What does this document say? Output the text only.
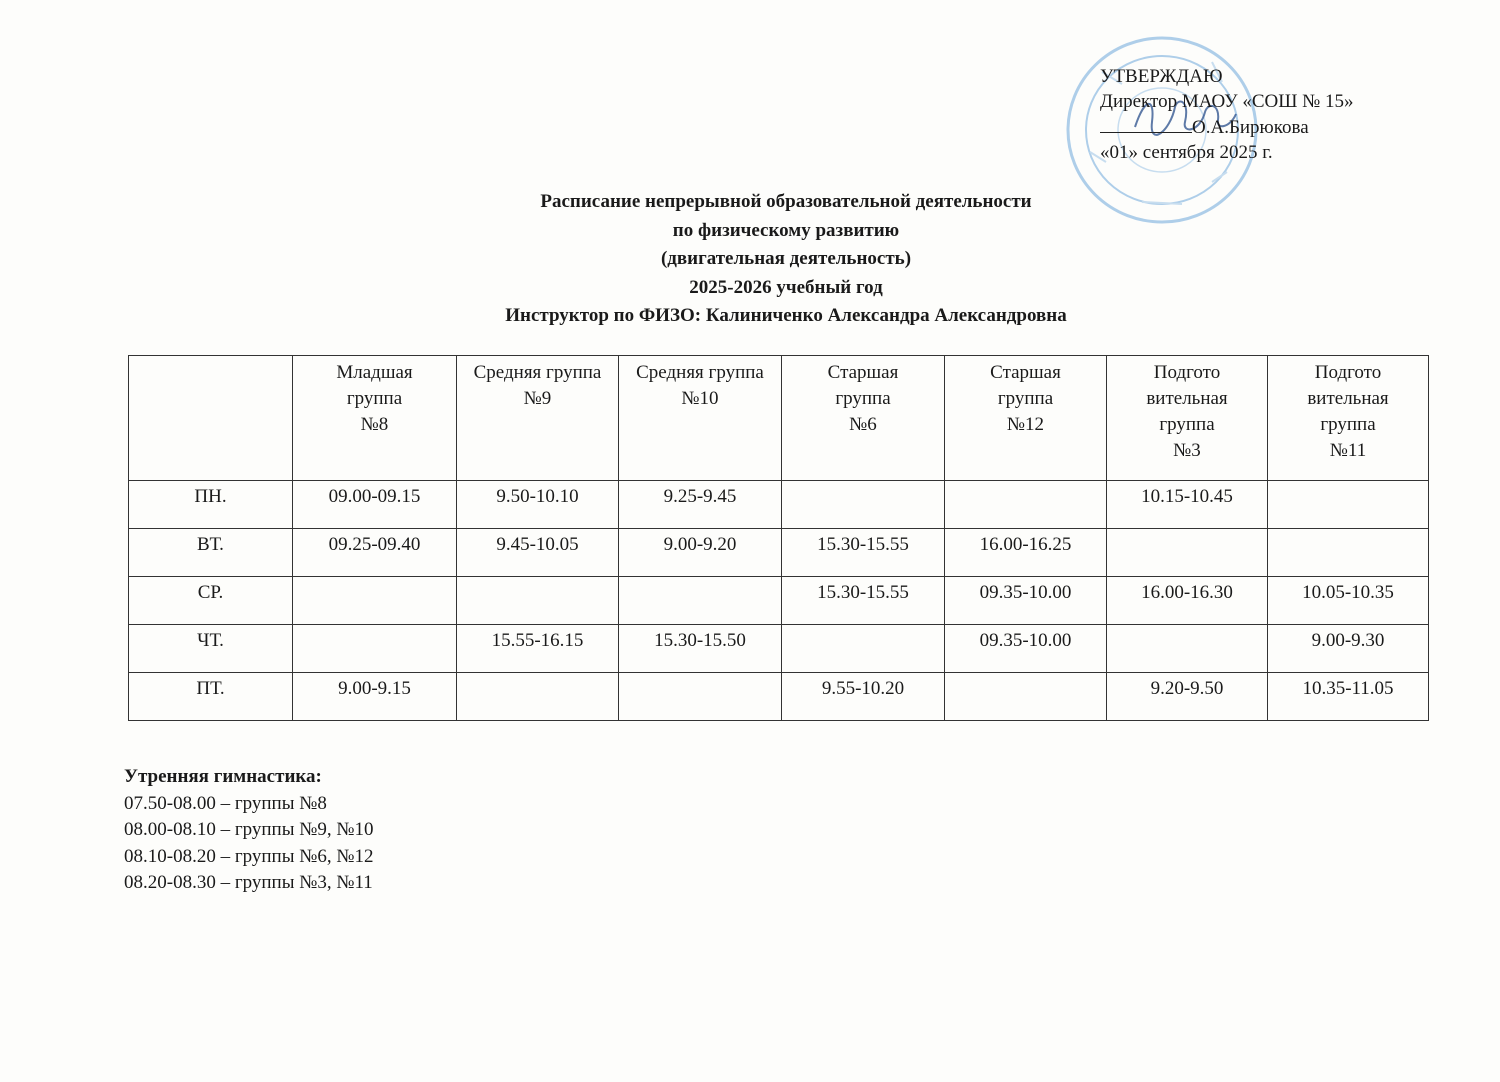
УТВЕРЖДАЮ
Директор МАОУ «СОШ № 15»
О.А.Бирюкова
«01» сентября 2025 г.
Расписание непрерывной образовательной деятельности
по физическому развитию
(двигательная деятельность)
2025-2026 учебный год
Инструктор по ФИЗО: Калиниченко Александра Александровна
	Младшая
группа
№8	Средняя группа
№9	Средняя группа
№10	Старшая
группа
№6	Старшая
группа
№12	Подгото
вительная
группа
№3	Подгото
вительная
группа
№11
ПН.	09.00-09.15	9.50-10.10	9.25-9.45			10.15-10.45	
ВТ.	09.25-09.40	9.45-10.05	9.00-9.20	15.30-15.55	16.00-16.25		
СР.				15.30-15.55	09.35-10.00	16.00-16.30	10.05-10.35
ЧТ.		15.55-16.15	15.30-15.50		09.35-10.00		9.00-9.30
ПТ.	9.00-9.15			9.55-10.20		9.20-9.50	10.35-11.05
Утренняя гимнастика:
07.50-08.00 – группы №8
08.00-08.10 – группы №9, №10
08.10-08.20 – группы №6, №12
08.20-08.30 – группы №3, №11
